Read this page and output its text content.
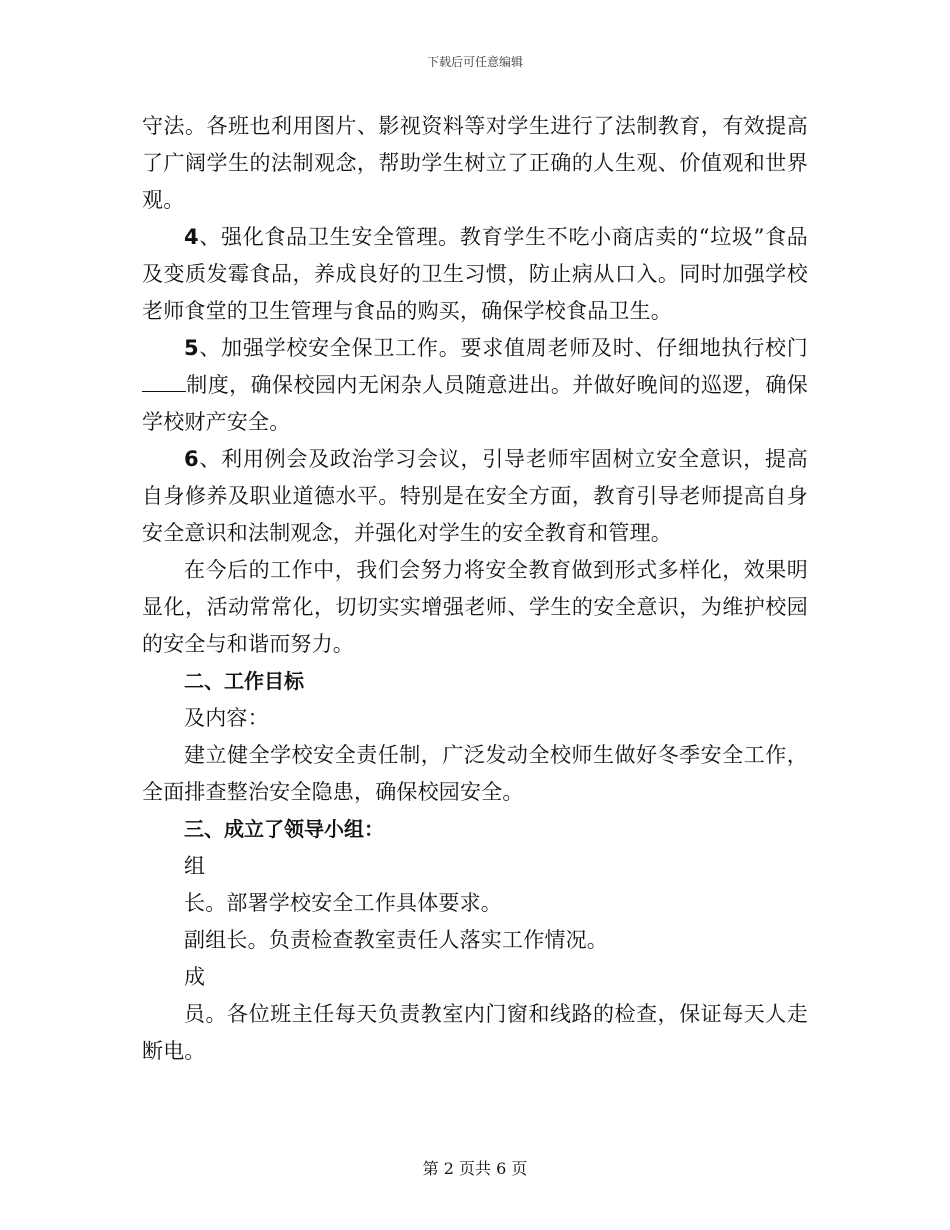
下载后可任意编辑

守法。各班也利用图片、影视资料等对学生进行了法制教育，有效提高了广阔学生的法制观念，帮助学生树立了正确的人生观、价值观和世界观。

4、强化食品卫生安全管理。教育学生不吃小商店卖的“垃圾”食品及变质发霉食品，养成良好的卫生习惯，防止病从口入。同时加强学校老师食堂的卫生管理与食品的购买，确保学校食品卫生。

5、加强学校安全保卫工作。要求值周老师及时、仔细地执行校门制度，确保校园内无闲杂人员随意进出。并做好晚间的巡逻，确保学校财产安全。

6、利用例会及政治学习会议，引导老师牢固树立安全意识，提高自身修养及职业道德水平。特别是在安全方面，教育引导老师提高自身安全意识和法制观念，并强化对学生的安全教育和管理。

在今后的工作中，我们会努力将安全教育做到形式多样化，效果明显化，活动常常化，切切实实增强老师、学生的安全意识，为维护校园的安全与和谐而努力。

二、工作目标

及内容：

建立健全学校安全责任制，广泛发动全校师生做好冬季安全工作，全面排查整治安全隐患，确保校园安全。

三、成立了领导小组：

组

长。部署学校安全工作具体要求。

副组长。负责检查教室责任人落实工作情况。

成

员。各位班主任每天负责教室内门窗和线路的检查，保证每天人走断电。

第 2 页共 6 页
